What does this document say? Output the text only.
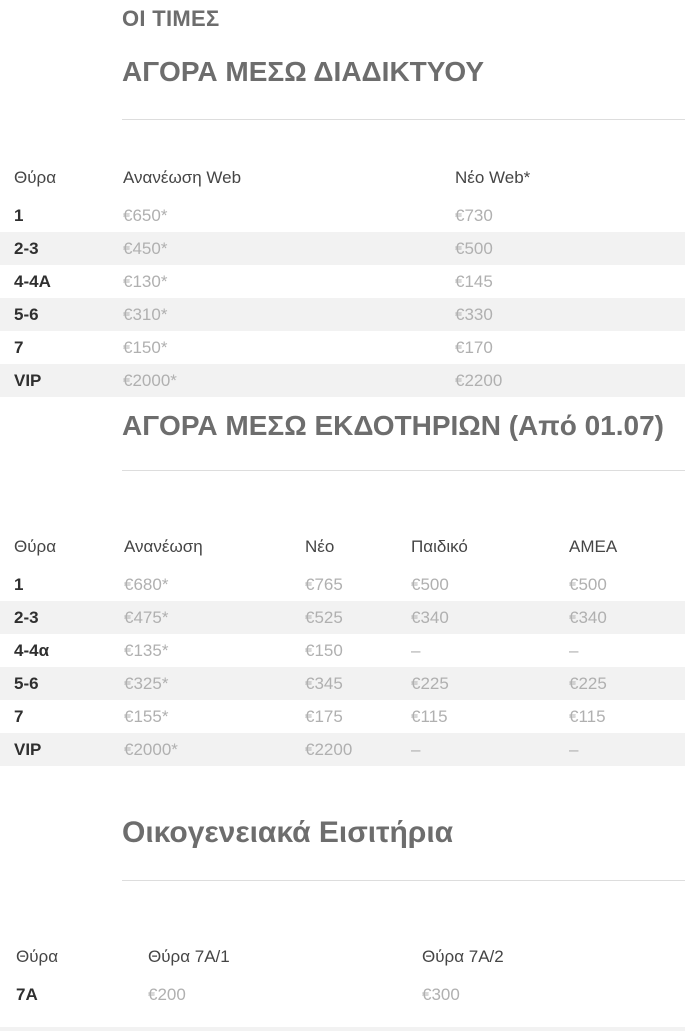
ΟΙ ΤΙΜΕΣ
ΑΓΟΡΑ ΜΕΣΩ ΔΙΑΔΙΚΤΥΟΥ
Θύρα	Ανανέωση Web	Νέο Web*
1	€650*	€730
2-3	€450*	€500
4-4A	€130*	€145
5-6	€310*	€330
7	€150*	€170
VIP	€2000*	€2200
ΑΓΟΡΑ ΜΕΣΩ ΕΚΔΟΤΗΡΙΩΝ (Από 01.07)
Θύρα	Ανανέωση	Νέο	Παιδικό	ΑΜΕΑ
1	€680*	€765	€500	€500
2-3	€475*	€525	€340	€340
4-4α	€135*	€150	–	–
5-6	€325*	€345	€225	€225
7	€155*	€175	€115	€115
VIP	€2000*	€2200	–	–
Οικογενειακά Εισιτήρια
Θύρα	Θύρα 7Α/1	Θύρα 7Α/2
7A	€200	€300
